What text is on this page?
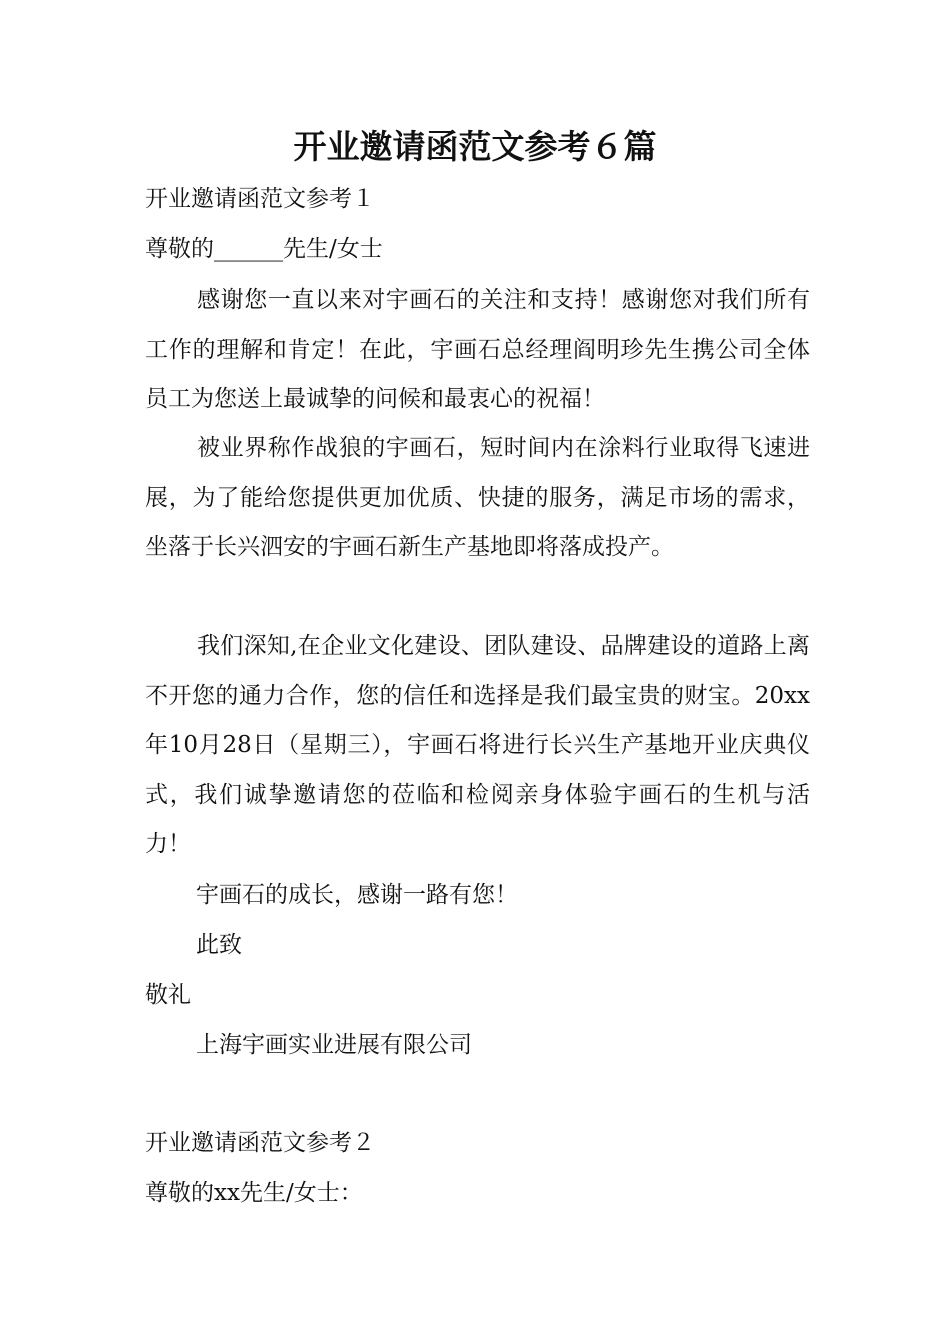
开业邀请函范文参考６篇

开业邀请函范文参考１

尊敬的______先生/女士

感谢您一直以来对宇画石的关注和支持！感谢您对我们所有工作的理解和肯定！在此，宇画石总经理阎明珍先生携公司全体员工为您送上最诚挚的问候和最衷心的祝福！

被业界称作战狼的宇画石，短时间内在涂料行业取得飞速进展，为了能给您提供更加优质、快捷的服务，满足市场的需求，坐落于长兴泗安的宇画石新生产基地即将落成投产。

我们深知,在企业文化建设、团队建设、品牌建设的道路上离不开您的通力合作，您的信任和选择是我们最宝贵的财宝。20xx年10月28日（星期三），宇画石将进行长兴生产基地开业庆典仪式，我们诚挚邀请您的莅临和检阅亲身体验宇画石的生机与活力！

宇画石的成长，感谢一路有您！

此致

敬礼

上海宇画实业进展有限公司

开业邀请函范文参考２

尊敬的xx先生/女士：
